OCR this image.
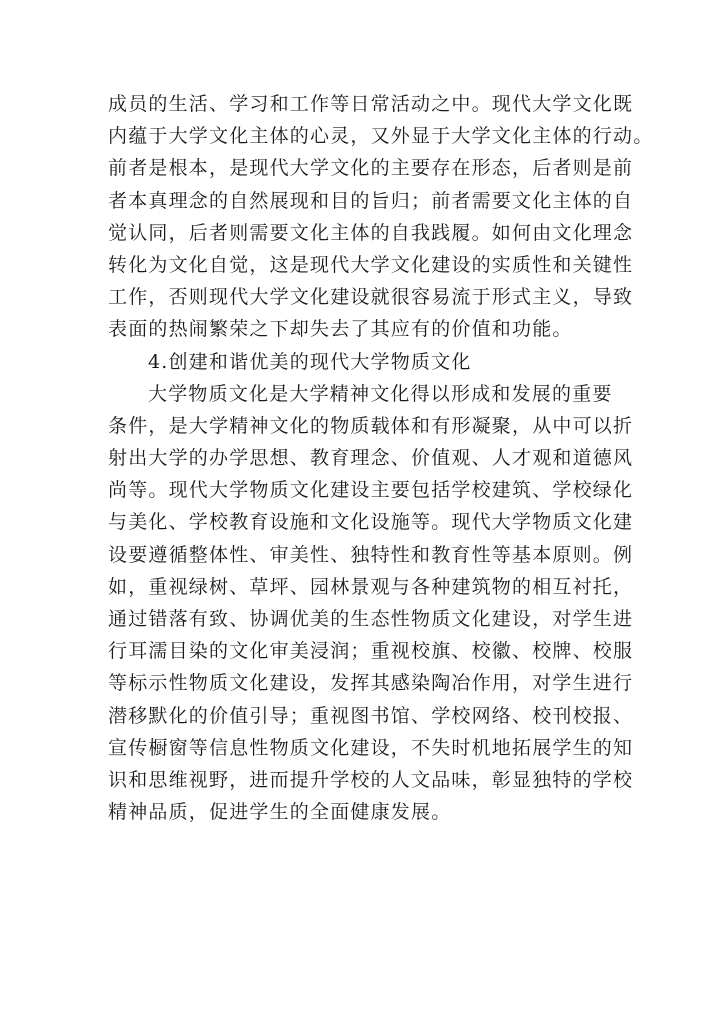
成员的生活、学习和工作等日常活动之中。现代大学文化既
内蕴于大学文化主体的心灵，又外显于大学文化主体的行动。
前者是根本，是现代大学文化的主要存在形态，后者则是前
者本真理念的自然展现和目的旨归；前者需要文化主体的自
觉认同，后者则需要文化主体的自我践履。如何由文化理念
转化为文化自觉，这是现代大学文化建设的实质性和关键性
工作，否则现代大学文化建设就很容易流于形式主义，导致
表面的热闹繁荣之下却失去了其应有的价值和功能。
4.创建和谐优美的现代大学物质文化
大学物质文化是大学精神文化得以形成和发展的重要
条件，是大学精神文化的物质载体和有形凝聚，从中可以折
射出大学的办学思想、教育理念、价值观、人才观和道德风
尚等。现代大学物质文化建设主要包括学校建筑、学校绿化
与美化、学校教育设施和文化设施等。现代大学物质文化建
设要遵循整体性、审美性、独特性和教育性等基本原则。例
如，重视绿树、草坪、园林景观与各种建筑物的相互衬托，
通过错落有致、协调优美的生态性物质文化建设，对学生进
行耳濡目染的文化审美浸润；重视校旗、校徽、校牌、校服
等标示性物质文化建设，发挥其感染陶冶作用，对学生进行
潜移默化的价值引导；重视图书馆、学校网络、校刊校报、
宣传橱窗等信息性物质文化建设，不失时机地拓展学生的知
识和思维视野，进而提升学校的人文品味，彰显独特的学校
精神品质，促进学生的全面健康发展。
